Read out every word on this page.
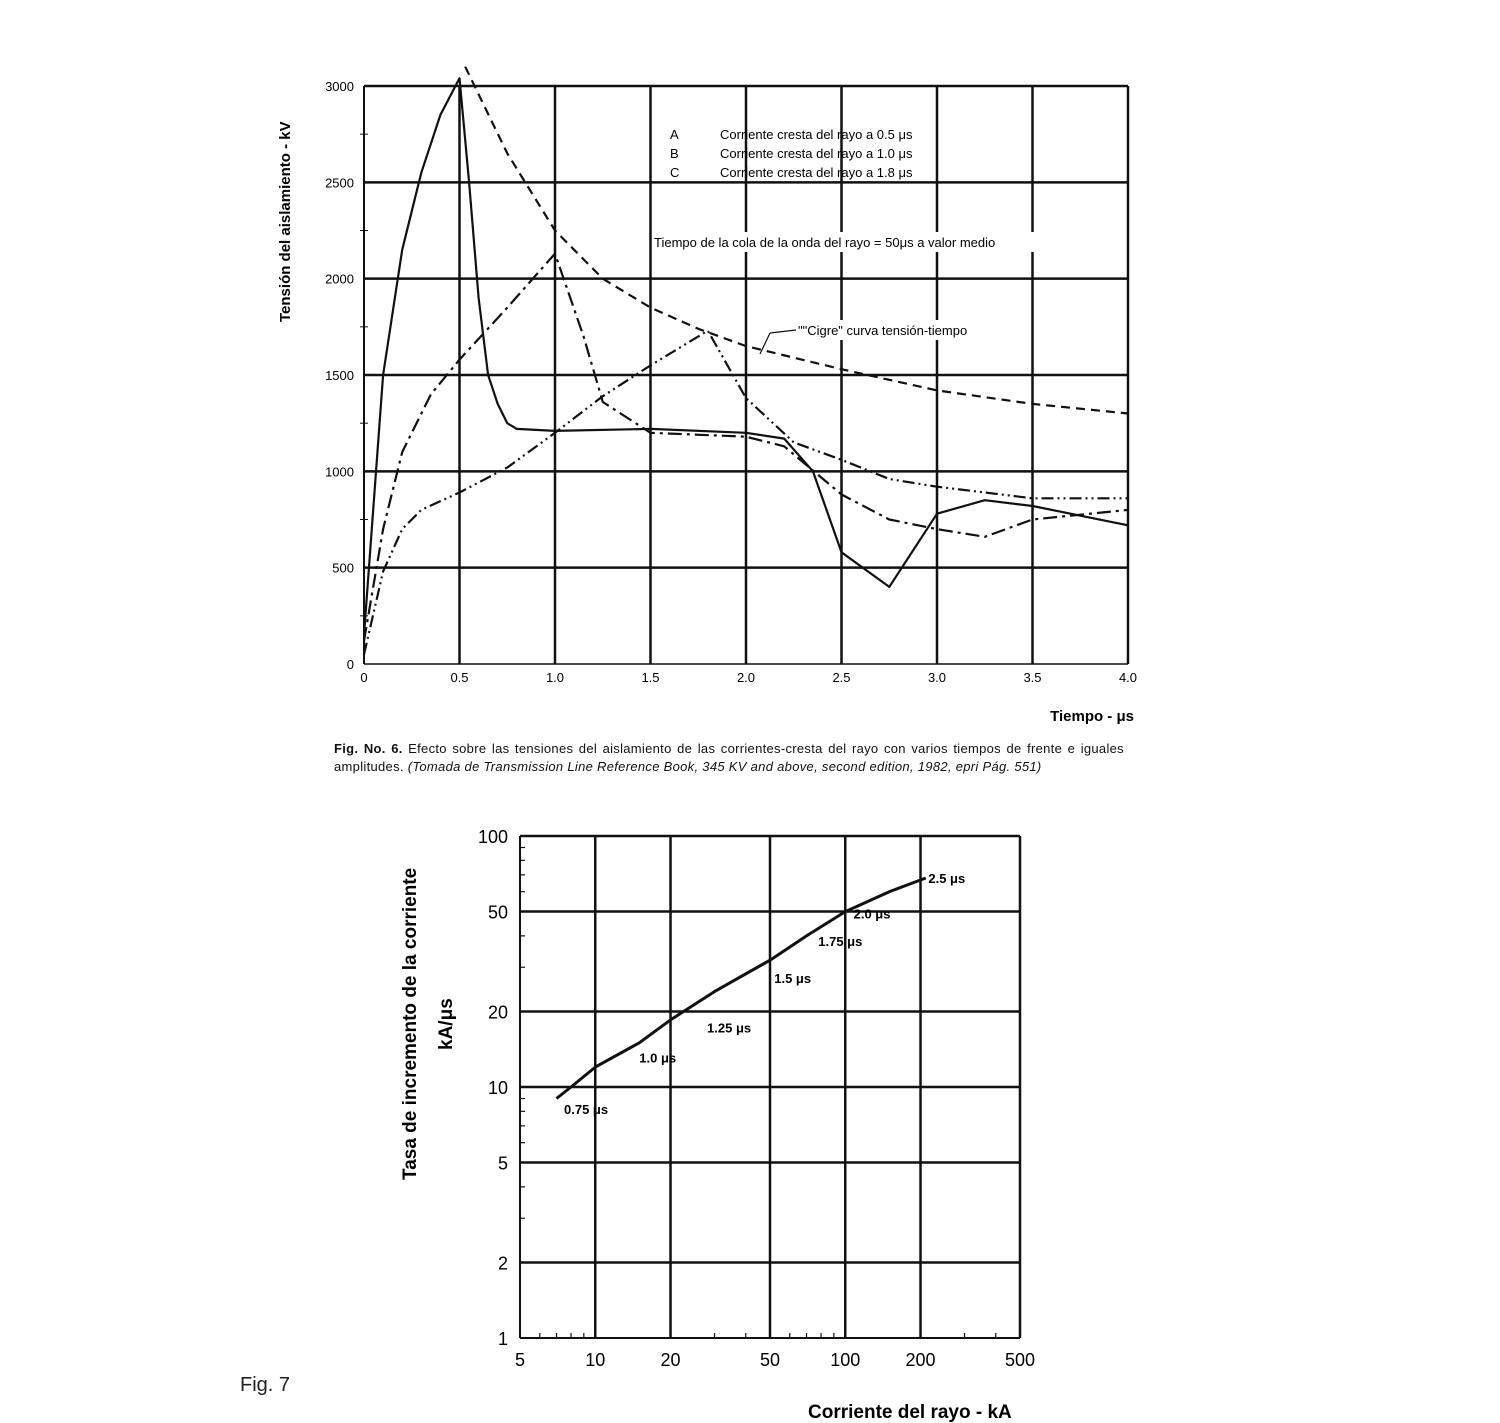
0
500
1000
1500
2000
2500
3000
0	0.5	1.0	1.5	2.0	2.5	3.0	3.5	4.0
A	Corriente cresta del rayo a 0.5 μs
B	Corriente cresta del rayo a 1.0 μs
C	Corriente cresta del rayo a 1.8 μs
Tiempo de la cola de la onda del rayo = 50μs a valor medio
""Cigre" curva tensión-tiempo
Tensión del aislamiento - kV
Tiempo - μs
1
2
5
10
20
50
100
5	10	20	50	100	200	500
0.75 μs
1.0 μs
1.25 μs
1.5 μs
1.75 μs
2.0 μs
2.5 μs
Tasa de incremento de la corriente kA/μs
Corriente del rayo - kA
Fig. No. 6. Efecto sobre las tensiones del aislamiento de las corrientes-cresta del rayo con varios tiempos de frente e iguales amplitudes. (Tomada de Transmission Line Reference Book, 345 KV and above, second edition, 1982, epri Pág. 551)
Fig. 7
